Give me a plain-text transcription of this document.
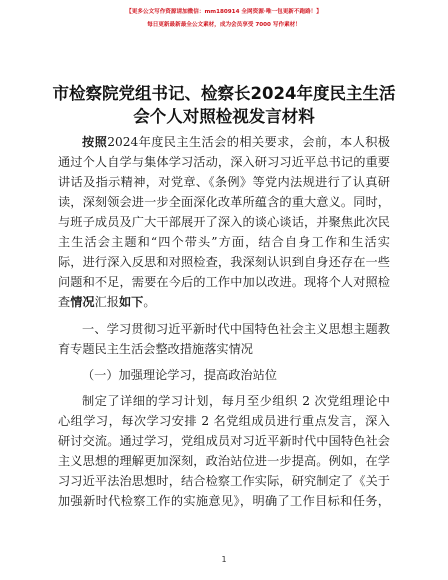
【更多公文写作资源请加微信：mm180914 全网资源·唯一包更新不跑路！】
每日更新最新最全公文素材，成为会员享受 7000 写作素材！
市检察院党组书记、检察长2024年度民主生活
会个人对照检视发言材料
按照2024年度民主生活会的相关要求，会前，本人积极
通过个人自学与集体学习活动，深入研习习近平总书记的重要
讲话及指示精神，对党章、《条例》等党内法规进行了认真研
读，深刻领会进一步全面深化改革所蕴含的重大意义。同时，
与班子成员及广大干部展开了深入的谈心谈话，并聚焦此次民
主生活会主题和“四个带头”方面，结合自身工作和生活实
际，进行深入反思和对照检查，我深刻认识到自身还存在一些
问题和不足，需要在今后的工作中加以改进。现将个人对照检
查情况汇报如下。
一、学习贯彻习近平新时代中国特色社会主义思想主题教
育专题民主生活会整改措施落实情况
（一）加强理论学习，提高政治站位
制定了详细的学习计划，每月至少组织 2 次党组理论中
心组学习，每次学习安排 2 名党组成员进行重点发言，深入
研讨交流。通过学习，党组成员对习近平新时代中国特色社会
主义思想的理解更加深刻，政治站位进一步提高。例如，在学
习习近平法治思想时，结合检察工作实际，研究制定了《关于
加强新时代检察工作的实施意见》，明确了工作目标和任务，
1
